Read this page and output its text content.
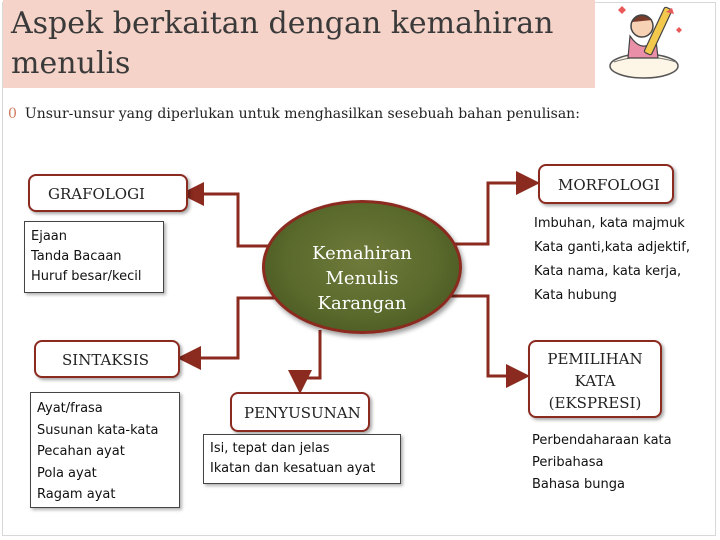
Aspek berkaitan dengan kemahiran
menulis
0 Unsur-unsur yang diperlukan untuk menghasilkan sesebuah bahan penulisan:
Kemahiran
Menulis
Karangan
GRAFOLOGI
Ejaan
Tanda Bacaan
Huruf besar/kecil
SINTAKSIS
Ayat/frasa
Susunan kata-kata
Pecahan ayat
Pola ayat
Ragam ayat
PENYUSUNAN
Isi, tepat dan jelas
Ikatan dan kesatuan ayat
MORFOLOGI
Imbuhan, kata majmuk
Kata ganti,kata adjektif,
Kata nama, kata kerja,
Kata hubung
PEMILIHAN
KATA
(EKSPRESI)
Perbendaharaan kata
Peribahasa
Bahasa bunga
